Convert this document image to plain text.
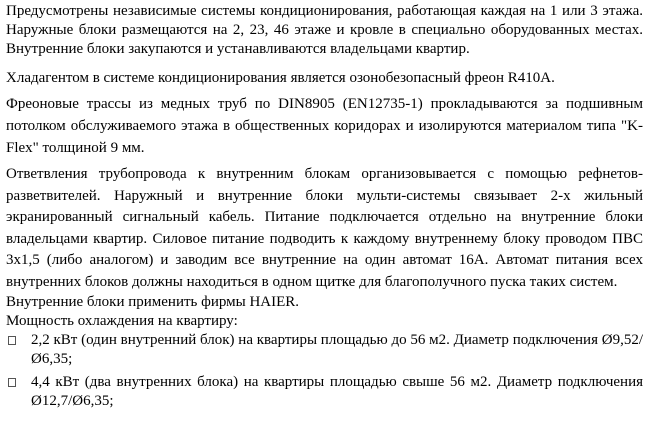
Предусмотрены независимые системы кондиционирования, работающая каждая на 1 или 3 этажа. Наружные блоки размещаются на 2, 23, 46 этаже и кровле в специально оборудованных местах. Внутренние блоки закупаются и устанавливаются владельцами квартир.

Хладагентом в системе кондиционирования является озонобезопасный фреон R410A.

Фреоновые трассы из медных труб по DIN8905 (EN12735-1) прокладываются за подшивным потолком обслуживаемого этажа в общественных коридорах и изолируются материалом типа "K-Flex" толщиной 9 мм.

Ответвления трубопровода к внутренним блокам организовывается с помощью рефнетов-разветвителей. Наружный и внутренние блоки мульти-системы связывает 2-х жильный экранированный сигнальный кабель. Питание подключается отдельно на внутренние блоки владельцами квартир. Силовое питание подводить к каждому внутреннему блоку проводом ПВС 3х1,5 (либо аналогом) и заводим все внутренние на один автомат 16А. Автомат питания всех внутренних блоков должны находиться в одном щитке для благополучного пуска таких систем.

Внутренние блоки применить фирмы HAIER.

Мощность охлаждения на квартиру:

2,2 кВт (один внутренний блок) на квартиры площадью до 56 м2. Диаметр подключения Ø9,52/Ø6,35;
4,4 кВт (два внутренних блока) на квартиры площадью свыше 56 м2. Диаметр подключения Ø12,7/Ø6,35;
